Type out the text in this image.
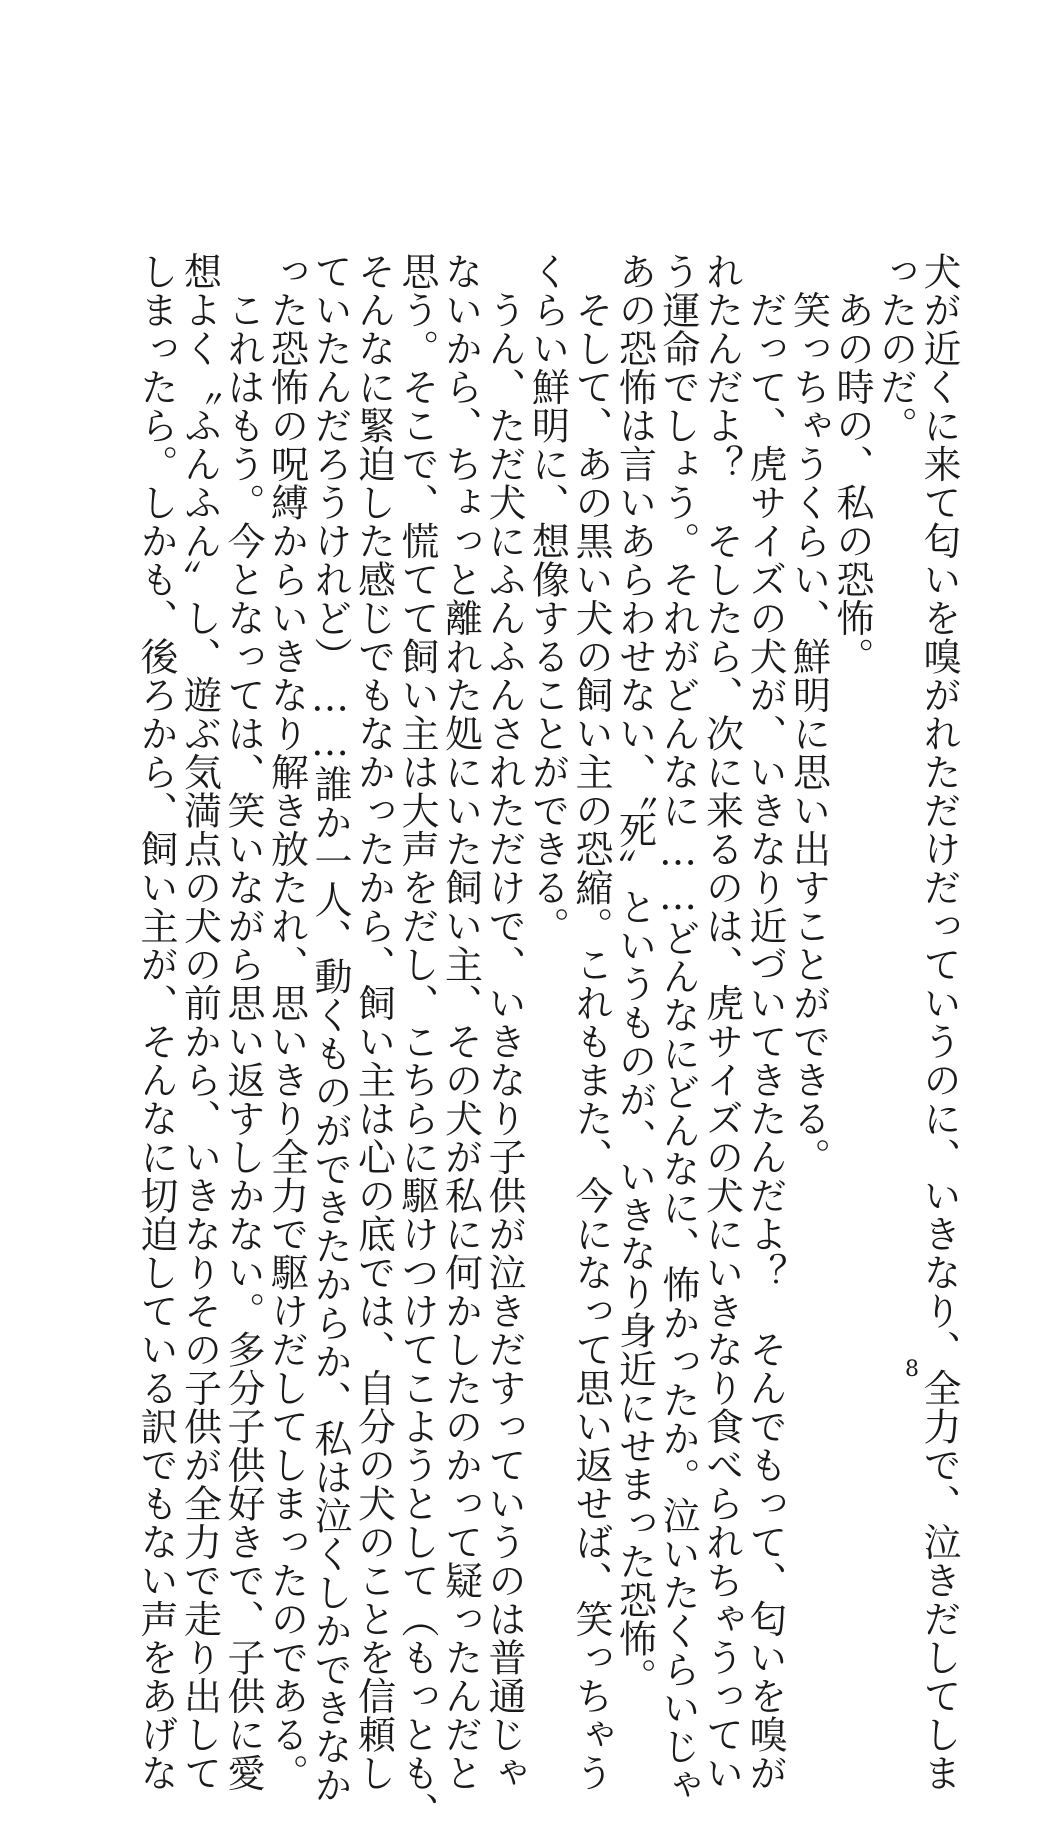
犬が近くに来て匂いを嗅がれただけだっていうのに、いきなり、全力で、泣きだしてしま
ったのだ。
　あの時の、私の恐怖。
　笑っちゃうくらい、鮮明に思い出すことができる。
　だって、虎サイズの犬が、いきなり近づいてきたんだよ？　そんでもって、匂いを嗅が
れたんだよ？　そしたら、次に来るのは、虎サイズの犬にいきなり食べられちゃうってい
う運命でしょう。それがどんなに……どんなにどんなに、怖かったか。泣いたくらいじゃ
あの恐怖は言いあらわせない、〝死〟というものが、いきなり身近にせまった恐怖。
　そして、あの黒い犬の飼い主の恐縮。これもまた、今になって思い返せば、笑っちゃう
くらい鮮明に、想像することができる。
　うん、ただ犬にふんふんされただけで、いきなり子供が泣きだすっていうのは普通じゃ
ないから、ちょっと離れた処にいた飼い主、その犬が私に何かしたのかって疑ったんだと
思う。そこで、慌てて飼い主は大声をだし、こちらに駆けつけてこようとして（もっとも、
そんなに緊迫した感じでもなかったから、飼い主は心の底では、自分の犬のことを信頼し
ていたんだろうけれど）……誰か一人、動くものができたからか、私は泣くしかできなか
った恐怖の呪縛からいきなり解き放たれ、思いきり全力で駆けだしてしまったのである。
　これはもう。今となっては、笑いながら思い返すしかない。多分子供好きで、子供に愛
想よく〝ふんふん〟し、遊ぶ気満点の犬の前から、いきなりその子供が全力で走り出して
しまったら。しかも、後ろから、飼い主が、そんなに切迫している訳でもない声をあげな	8
